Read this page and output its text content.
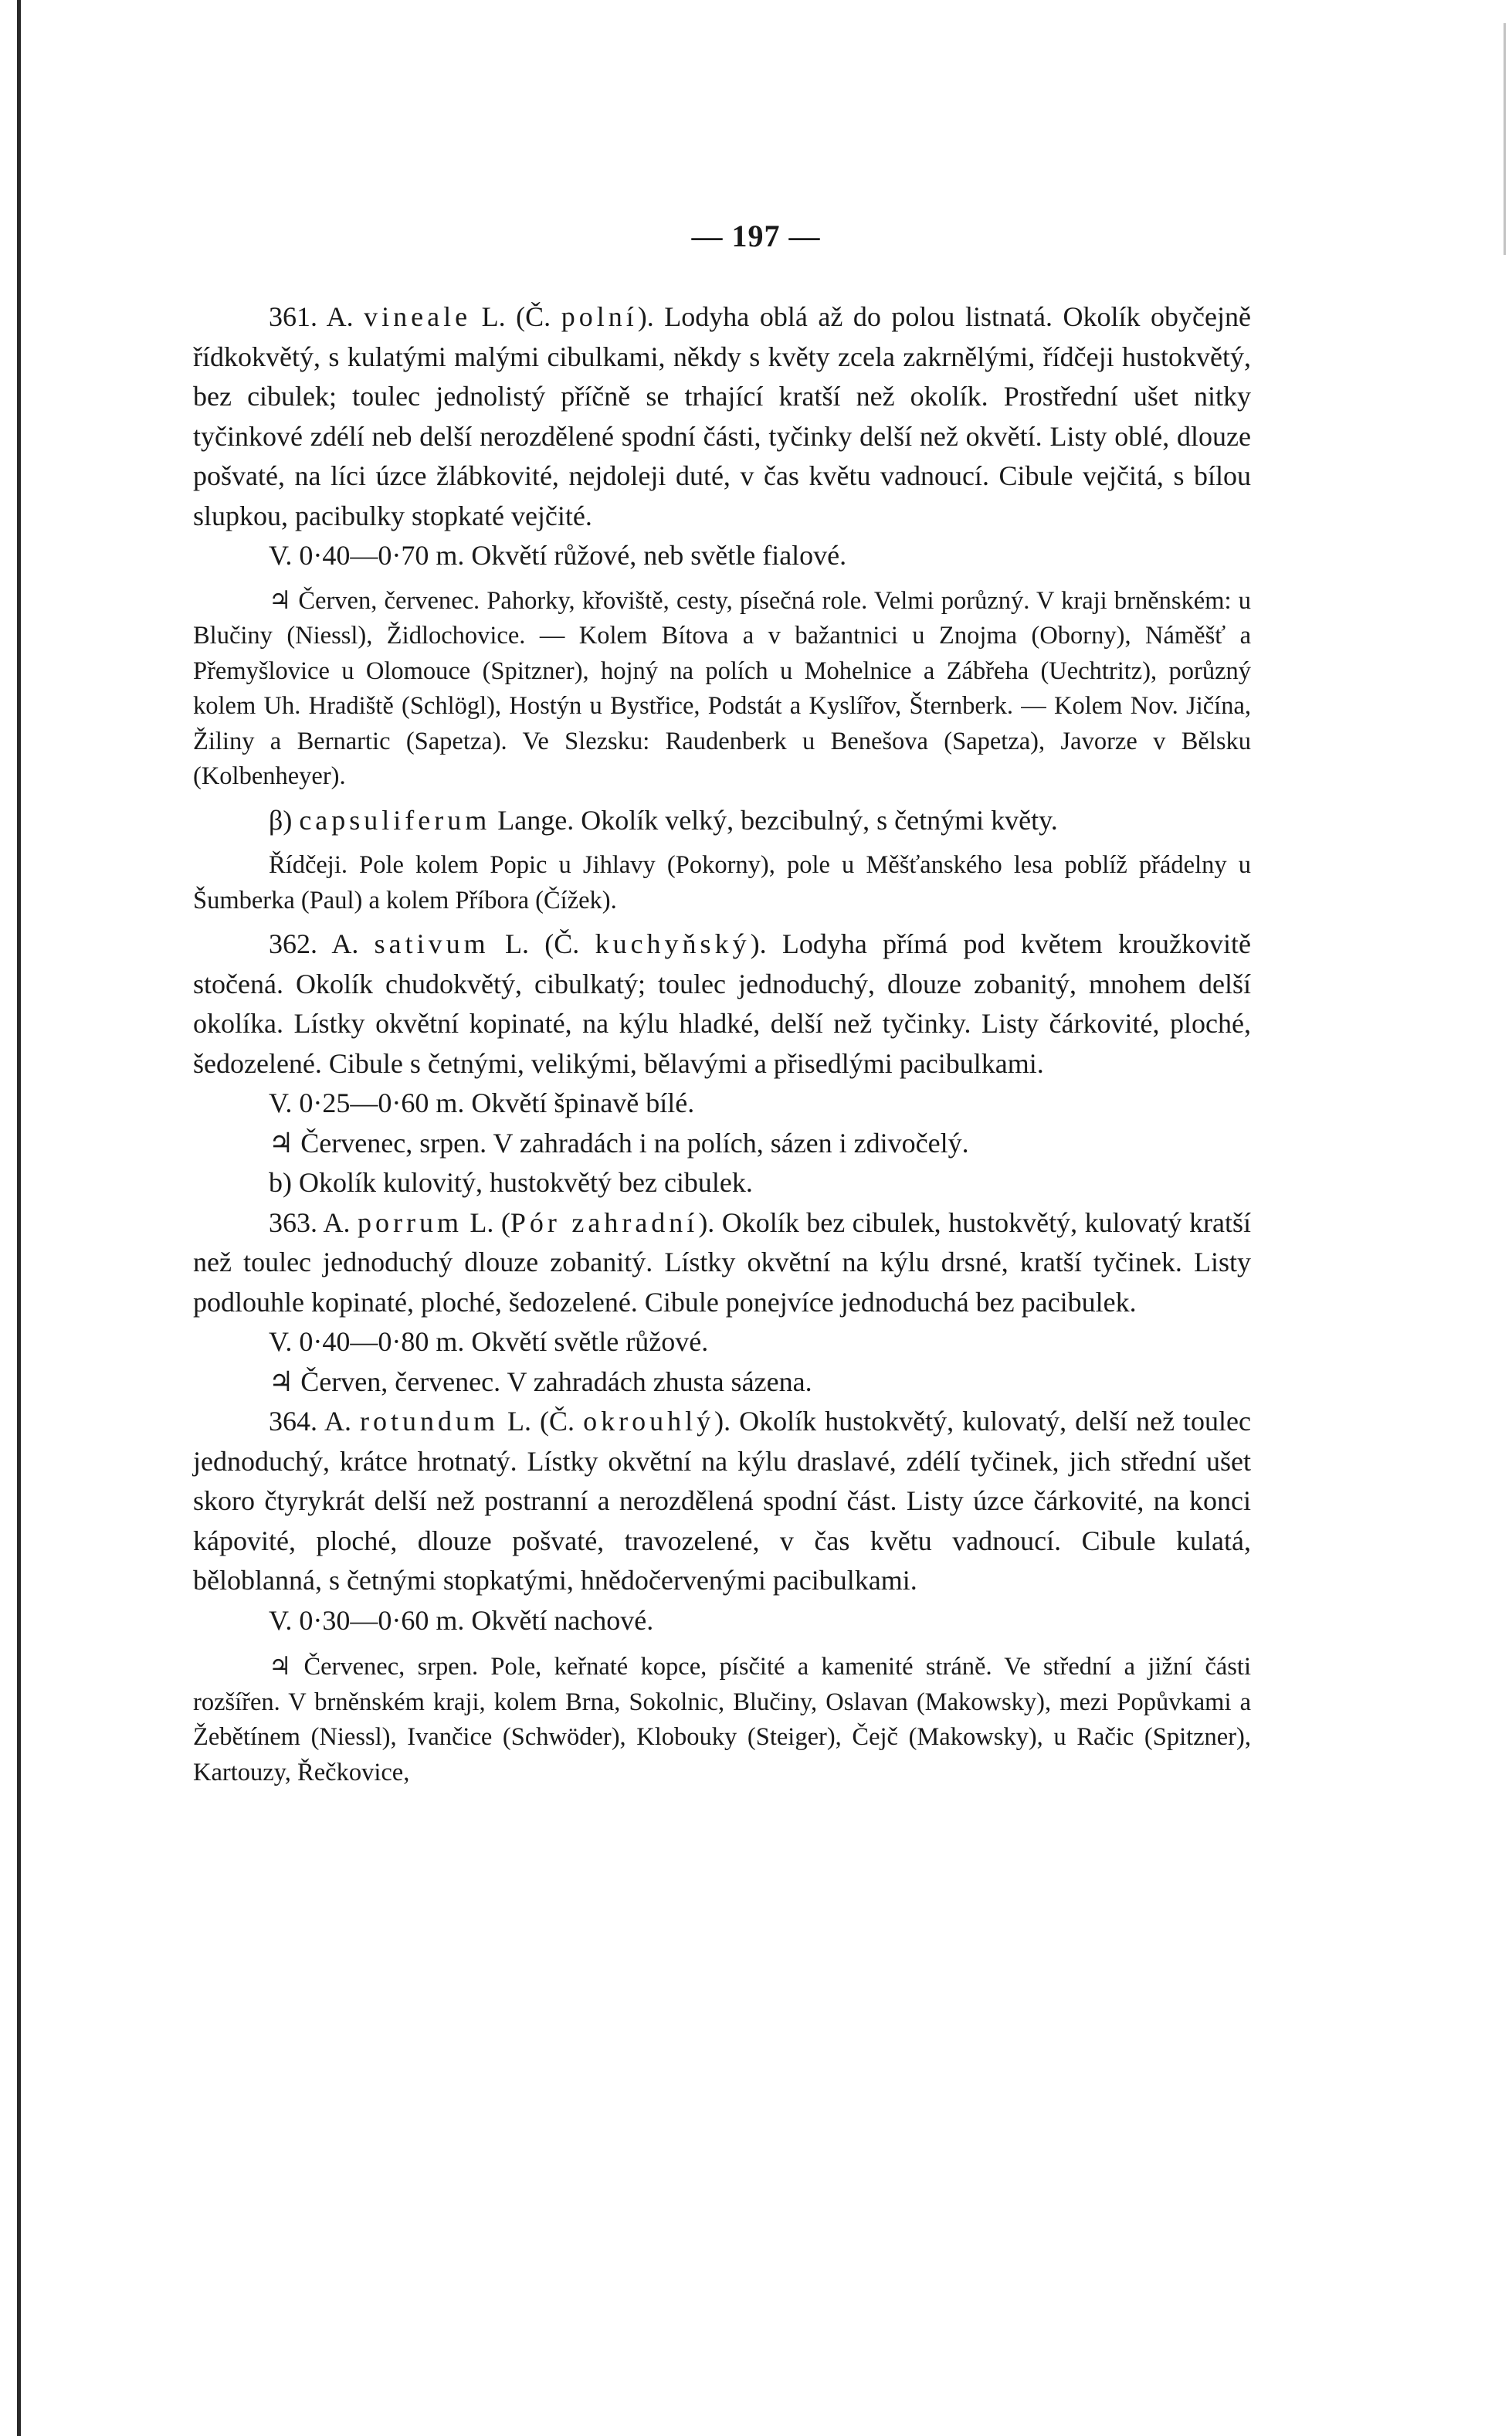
— 197 —

361. A. vineale L. (Č. polní). Lodyha oblá až do polou listnatá. Okolík obyčejně řídkokvětý, s kulatými malými cibulkami, někdy s květy zcela zakrnělými, řídčeji hustokvětý, bez cibulek; toulec jednolistý příčně se trhající kratší než okolík. Prostřední ušet nitky tyčinkové zdélí neb delší nerozdělené spodní části, tyčinky delší než okvětí. Listy oblé, dlouze pošvaté, na líci úzce žlábkovité, nejdoleji duté, v čas květu vadnoucí. Cibule vejčitá, s bílou slupkou, pacibulky stopkaté vejčité.

V. 0·40—0·70 m. Okvětí růžové, neb světle fialové.

♃ Červen, červenec. Pahorky, křoviště, cesty, písečná role. Velmi porůzný. V kraji brněnském: u Blučiny (Niessl), Židlochovice. — Kolem Bítova a v bažantnici u Znojma (Oborny), Náměšť a Přemyšlovice u Olomouce (Spitzner), hojný na polích u Mohelnice a Zábřeha (Uechtritz), porůzný kolem Uh. Hradiště (Schlögl), Hostýn u Bystřice, Podstát a Kyslířov, Šternberk. — Kolem Nov. Jičína, Žiliny a Bernartic (Sapetza). Ve Slezsku: Raudenberk u Benešova (Sapetza), Javorze v Bělsku (Kolbenheyer).

β) capsuliferum Lange. Okolík velký, bezcibulný, s četnými květy.

Řídčeji. Pole kolem Popic u Jihlavy (Pokorny), pole u Měšťanského lesa poblíž přádelny u Šumberka (Paul) a kolem Příbora (Čížek).

362. A. sativum L. (Č. kuchyňský). Lodyha přímá pod květem kroužkovitě stočená. Okolík chudokvětý, cibulkatý; toulec jednoduchý, dlouze zobanitý, mnohem delší okolíka. Lístky okvětní kopinaté, na kýlu hladké, delší než tyčinky. Listy čárkovité, ploché, šedozelené. Cibule s četnými, velikými, bělavými a přisedlými pacibulkami.

V. 0·25—0·60 m. Okvětí špinavě bílé.

♃ Červenec, srpen. V zahradách i na polích, sázen i zdivočelý.

b) Okolík kulovitý, hustokvětý bez cibulek.

363. A. porrum L. (Pór zahradní). Okolík bez cibulek, hustokvětý, kulovatý kratší než toulec jednoduchý dlouze zobanitý. Lístky okvětní na kýlu drsné, kratší tyčinek. Listy podlouhle kopinaté, ploché, šedozelené. Cibule ponejvíce jednoduchá bez pacibulek.

V. 0·40—0·80 m. Okvětí světle růžové.

♃ Červen, červenec. V zahradách zhusta sázena.

364. A. rotundum L. (Č. okrouhlý). Okolík hustokvětý, kulovatý, delší než toulec jednoduchý, krátce hrotnatý. Lístky okvětní na kýlu draslavé, zdélí tyčinek, jich střední ušet skoro čtyrykrát delší než postranní a nerozdělená spodní část. Listy úzce čárkovité, na konci kápovité, ploché, dlouze pošvaté, travozelené, v čas květu vadnoucí. Cibule kulatá, běloblanná, s četnými stopkatými, hnědočervenými pacibulkami.

V. 0·30—0·60 m. Okvětí nachové.

♃ Červenec, srpen. Pole, keřnaté kopce, písčité a kamenité stráně. Ve střední a jižní části rozšířen. V brněnském kraji, kolem Brna, Sokolnic, Blučiny, Oslavan (Makowsky), mezi Popůvkami a Žebětínem (Niessl), Ivančice (Schwöder), Klobouky (Steiger), Čejč (Makowsky), u Račic (Spitzner), Kartouzy, Řečkovice,
